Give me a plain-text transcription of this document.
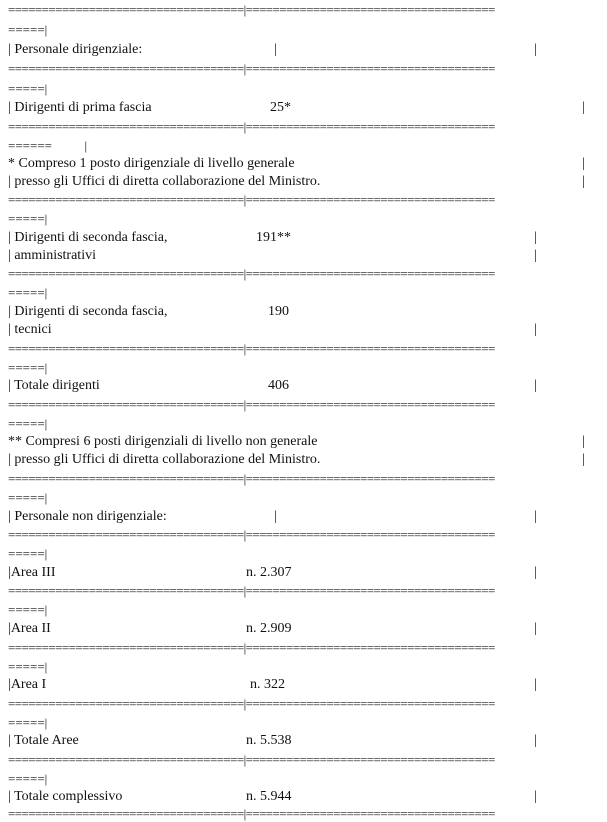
===================================|=====================================
=====|
| Personale dirigenziale:	|	|
===================================|=====================================
=====|
| Dirigenti di prima fascia	25*	|
===================================|=====================================
======          |
* Compreso 1 posto dirigenziale di livello generale	|
| presso gli Uffici di diretta collaborazione del Ministro.	|
===================================|=====================================
=====|
| Dirigenti di seconda fascia,	191**	|
| amministrativi	|
===================================|=====================================
=====|
| Dirigenti di seconda fascia,	190
| tecnici	|
===================================|=====================================
=====|
| Totale dirigenti	406	|
===================================|=====================================
=====|
** Compresi 6 posti dirigenziali di livello non generale	|
| presso gli Uffici di diretta collaborazione del Ministro.	|
===================================|=====================================
=====|
| Personale non dirigenziale:	|	|
===================================|=====================================
=====|
|Area III	n. 2.307	|
===================================|=====================================
=====|
|Area II	n. 2.909	|
===================================|=====================================
=====|
|Area I	n. 322	|
===================================|=====================================
=====|
| Totale Aree	n. 5.538	|
===================================|=====================================
=====|
| Totale complessivo	n. 5.944	|
===================================|=====================================
